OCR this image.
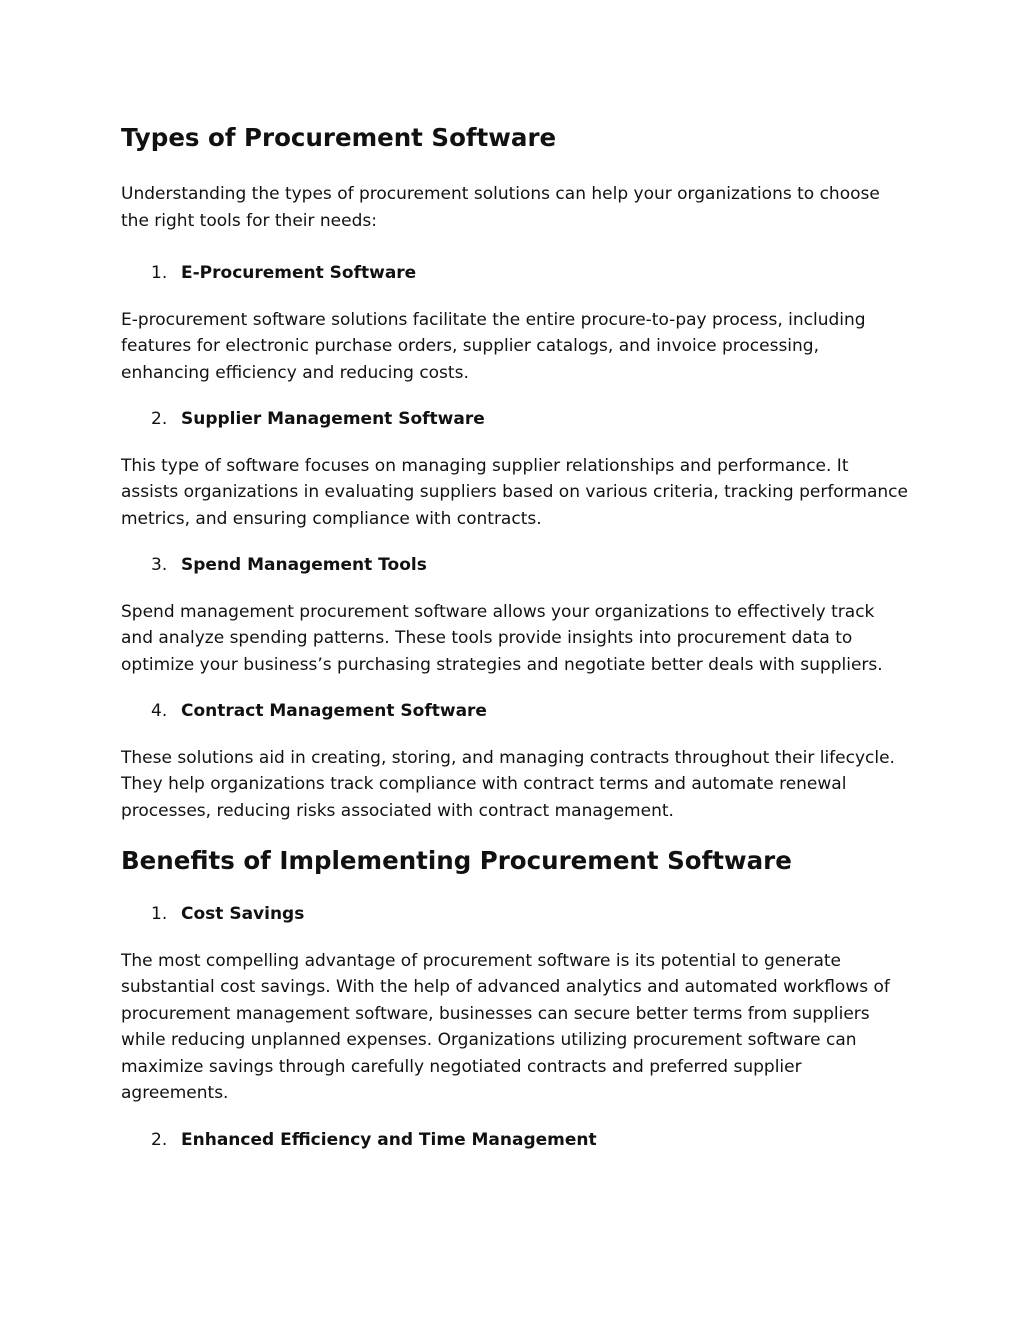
Types of Procurement Software

Understanding the types of procurement solutions can help your organizations to choose the right tools for their needs:

1. E-Procurement Software

E-procurement software solutions facilitate the entire procure-to-pay process, including features for electronic purchase orders, supplier catalogs, and invoice processing, enhancing efficiency and reducing costs.

2. Supplier Management Software

This type of software focuses on managing supplier relationships and performance. It assists organizations in evaluating suppliers based on various criteria, tracking performance metrics, and ensuring compliance with contracts.

3. Spend Management Tools

Spend management procurement software allows your organizations to effectively track and analyze spending patterns. These tools provide insights into procurement data to optimize your business’s purchasing strategies and negotiate better deals with suppliers.

4. Contract Management Software

These solutions aid in creating, storing, and managing contracts throughout their lifecycle. They help organizations track compliance with contract terms and automate renewal processes, reducing risks associated with contract management.

Benefits of Implementing Procurement Software
1. Cost Savings

The most compelling advantage of procurement software is its potential to generate substantial cost savings. With the help of advanced analytics and automated workflows of procurement management software, businesses can secure better terms from suppliers while reducing unplanned expenses. Organizations utilizing procurement software can maximize savings through carefully negotiated contracts and preferred supplier agreements.

2. Enhanced Efficiency and Time Management
